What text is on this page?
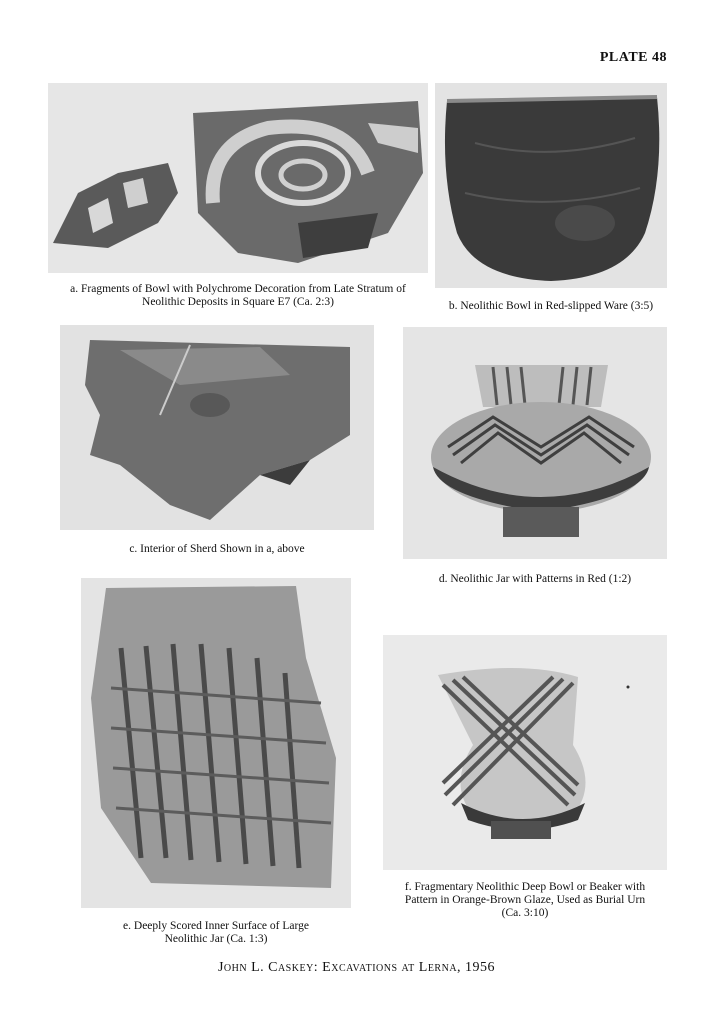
PLATE 48
a. Fragments of Bowl with Polychrome Decoration from Late Stratum of
Neolithic Deposits in Square E7 (Ca. 2:3)	b. Neolithic Bowl in Red-slipped Ware (3:5)
c. Interior of Sherd Shown in a, above
d. Neolithic Jar with Patterns in Red (1:2)
e. Deeply Scored Inner Surface of Large
Neolithic Jar (Ca. 1:3)
f. Fragmentary Neolithic Deep Bowl or Beaker with
Pattern in Orange-Brown Glaze, Used as Burial Urn
(Ca. 3:10)
John L. Caskey: Excavations at Lerna, 1956
